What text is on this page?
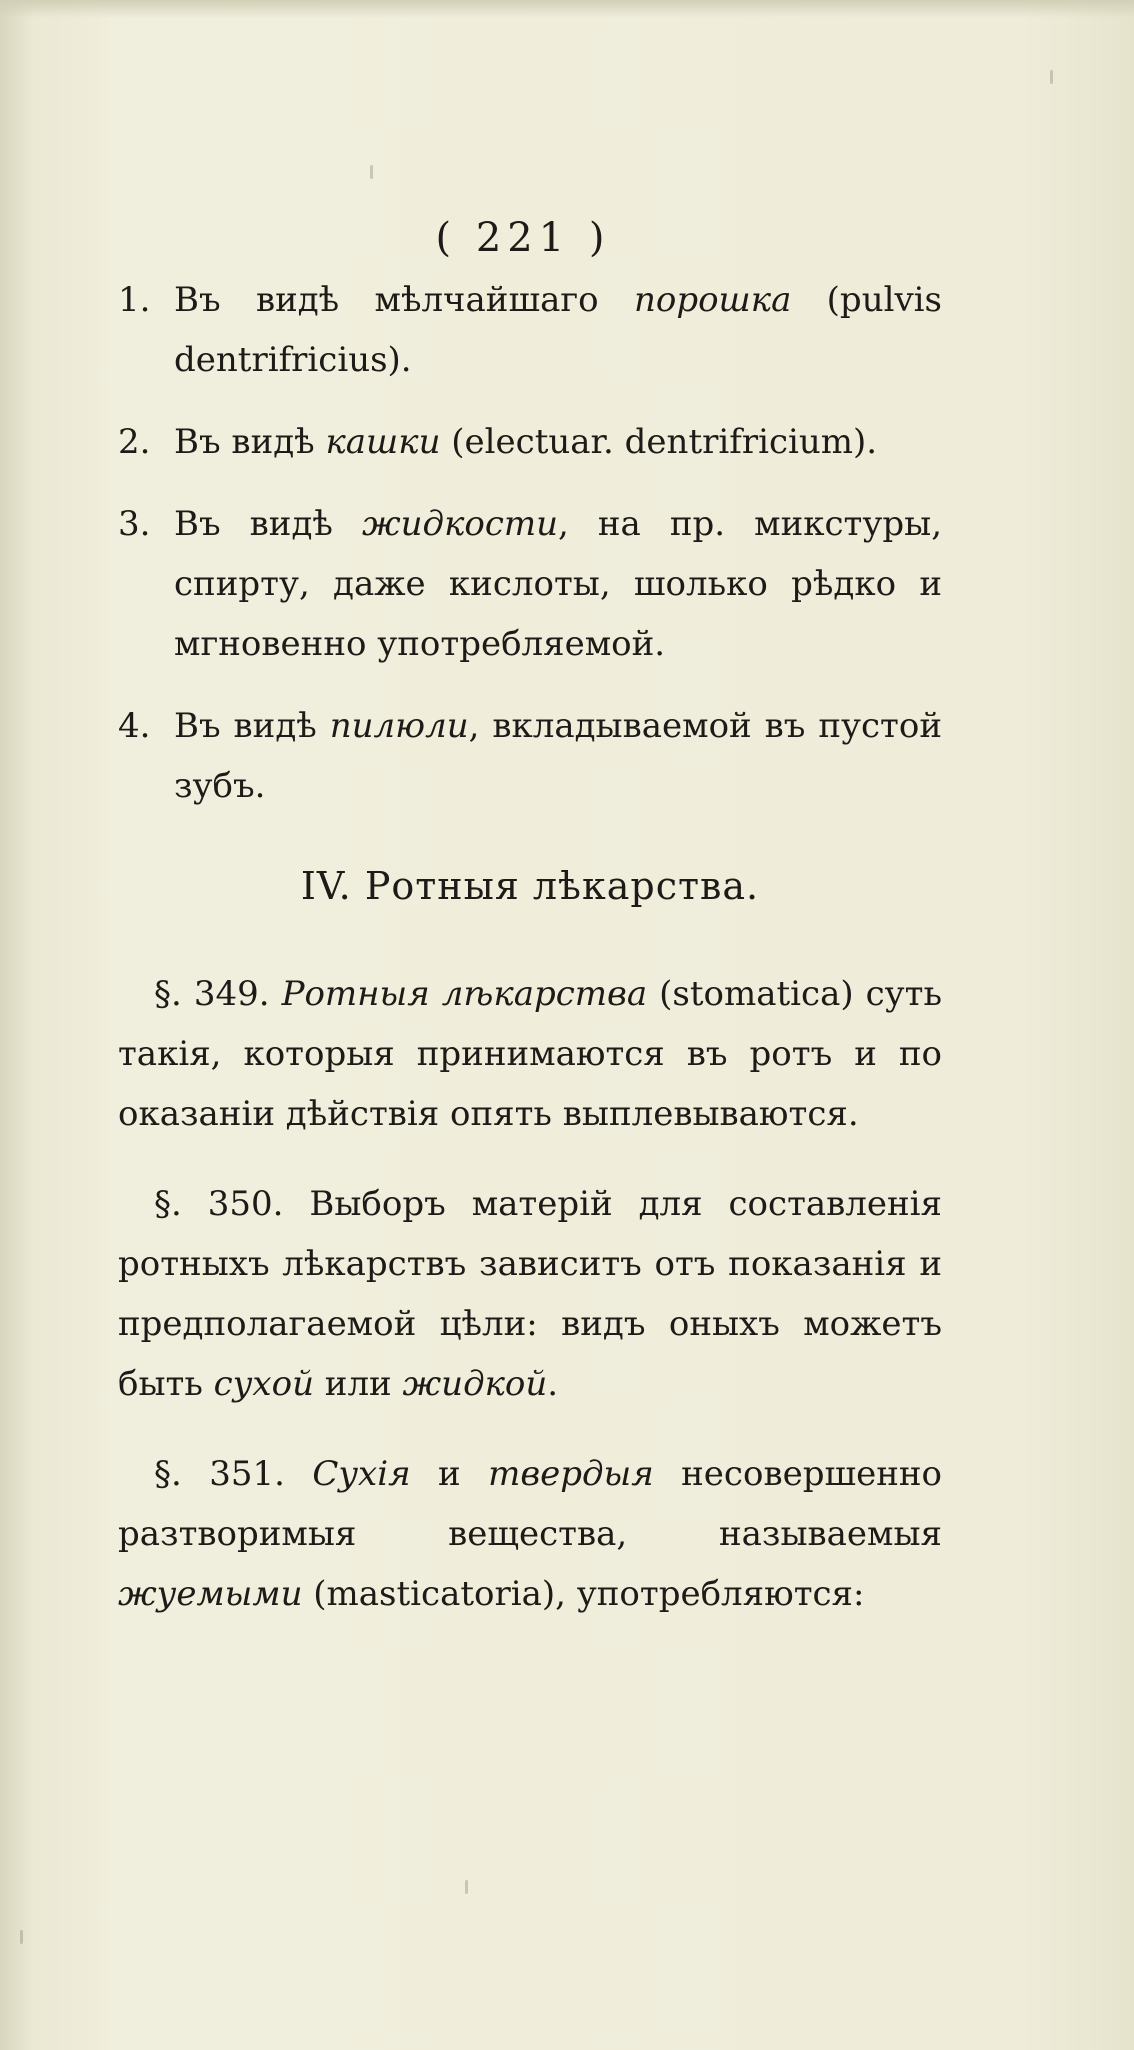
( 221 )
1. Въ видѣ мѣлчайшаго порошка (pulvis dentrifricius).
2. Въ видѣ кашки (electuar. dentrifricium).
3. Въ видѣ жидкости, на пр. микстуры, спирту, даже кислоты, шолько рѣдко и мгновенно употребляемой.
4. Въ видѣ пилюли, вкладываемой въ пустой зубъ.
IV. Ротныя лѣкарства.

§. 349. Ротныя лѣкарства (stomatica) суть такія, которыя принимаются въ ротъ и по оказаніи дѣйствія опять выплевываются.

§. 350. Выборъ матерій для составленія ротныхъ лѣкарствъ зависитъ отъ показанія и предполагаемой цѣли: видъ оныхъ можетъ быть сухой или жидкой.

§. 351. Сухія и твердыя несовершенно разтворимыя вещества, называемыя жуемыми (masticatoria), употребляются:
